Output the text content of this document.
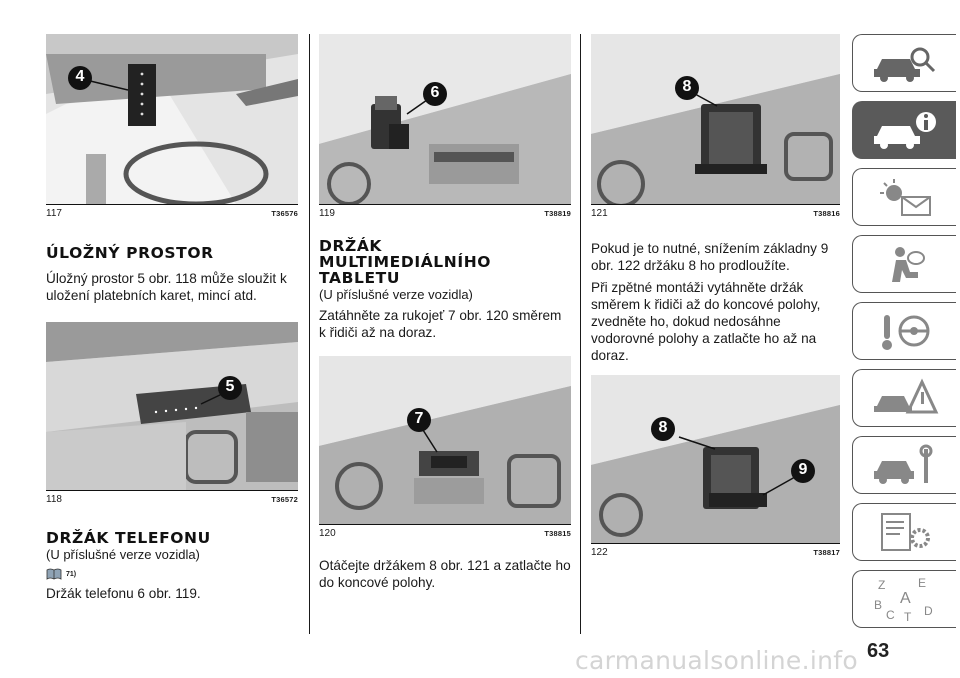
4
117	T36576
ÚLOŽNÝ PROSTOR

Úložný prostor 5 obr. 118 může sloužit k uložení platebních karet, mincí atd.

5
118	T36572
DRŽÁK TELEFONU

(U příslušné verze vozidla)

71)

Držák telefonu 6 obr. 119.

6
119	T38819
DRŽÁK MULTIMEDIÁLNÍHO TABLETU

(U příslušné verze vozidla)

Zatáhněte za rukojeť 7 obr. 120 směrem k řidiči až na doraz.

7
120	T38815

Otáčejte držákem 8 obr. 121 a zatlačte ho do koncové polohy.

8
121	T38816

Pokud je to nutné, snížením základny 9 obr. 122 držáku 8 ho prodloužíte.

Při zpětné montáži vytáhněte držák směrem k řidiči až do koncové polohy, zvedněte ho, dokud nedosáhne vodorovné polohy a zatlačte ho až na doraz.

8
9
122	T38817
Z	E
A
B
C T D
63
carmanualsonline.info
